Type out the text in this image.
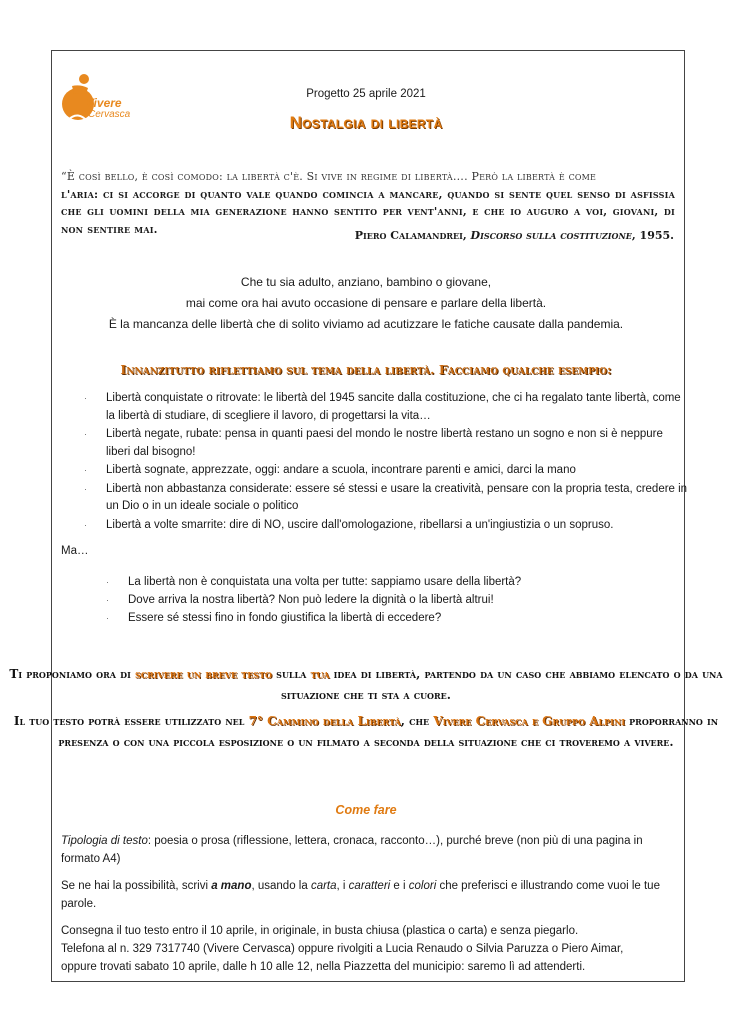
Vivere
Cervasca
Progetto 25 aprile 2021
Nostalgia di libertà
“È così bello, è così comodo: la libertà c'è. Si vive in regime di libertà…. Però la libertà è come
l'aria: ci si accorge di quanto vale quando comincia a mancare, quando si sente quel senso di asfissia che gli uomini della mia generazione hanno sentito per vent'anni, e che io auguro a voi, giovani, di non sentire mai.	Piero Calamandrei, Discorso sulla costituzione, 1955.
Che tu sia adulto, anziano, bambino o giovane,
mai come ora hai avuto occasione di pensare e parlare della libertà.
È la mancanza delle libertà che di solito viviamo ad acutizzare le fatiche causate dalla pandemia.
Innanzitutto riflettiamo sul tema della libertà. Facciamo qualche esempio:
· Libertà conquistate o ritrovate: le libertà del 1945 sancite dalla costituzione, che ci ha regalato tante libertà, come la libertà di studiare, di scegliere il lavoro, di progettarsi la vita…
· Libertà negate, rubate: pensa in quanti paesi del mondo le nostre libertà restano un sogno e non si è neppure liberi dal bisogno!
· Libertà sognate, apprezzate, oggi: andare a scuola, incontrare parenti e amici, darci la mano
· Libertà non abbastanza considerate: essere sé stessi e usare la creatività, pensare con la propria testa, credere in un Dio o in un ideale sociale o politico
· Libertà a volte smarrite: dire di NO, uscire dall'omologazione, ribellarsi a un'ingiustizia o un sopruso.
Ma…
· La libertà non è conquistata una volta per tutte: sappiamo usare della libertà?
· Dove arriva la nostra libertà? Non può ledere la dignità o la libertà altrui!
· Essere sé stessi fino in fondo giustifica la libertà di eccedere?
Ti proponiamo ora di scrivere un breve testo sulla tua idea di libertà, partendo da un caso che abbiamo elencato o da una situazione che ti sta a cuore.
Il tuo testo potrà essere utilizzato nel 7° Cammino della Libertà, che Vivere Cervasca e Gruppo Alpini proporranno in presenza o con una piccola esposizione o un filmato a seconda della situazione che ci troveremo a vivere.
Come fare
Tipologia di testo: poesia o prosa (riflessione, lettera, cronaca, racconto…), purché breve (non più di una pagina in formato A4)
Se ne hai la possibilità, scrivi a mano, usando la carta, i caratteri e i colori che preferisci e illustrando come vuoi le tue parole.
Consegna il tuo testo entro il 10 aprile, in originale, in busta chiusa (plastica o carta) e senza piegarlo.
Telefona al n. 329 7317740 (Vivere Cervasca) oppure rivolgiti a Lucia Renaudo o Silvia Paruzza o Piero Aimar,
oppure trovati sabato 10 aprile, dalle h 10 alle 12, nella Piazzetta del municipio: saremo lì ad attenderti.
